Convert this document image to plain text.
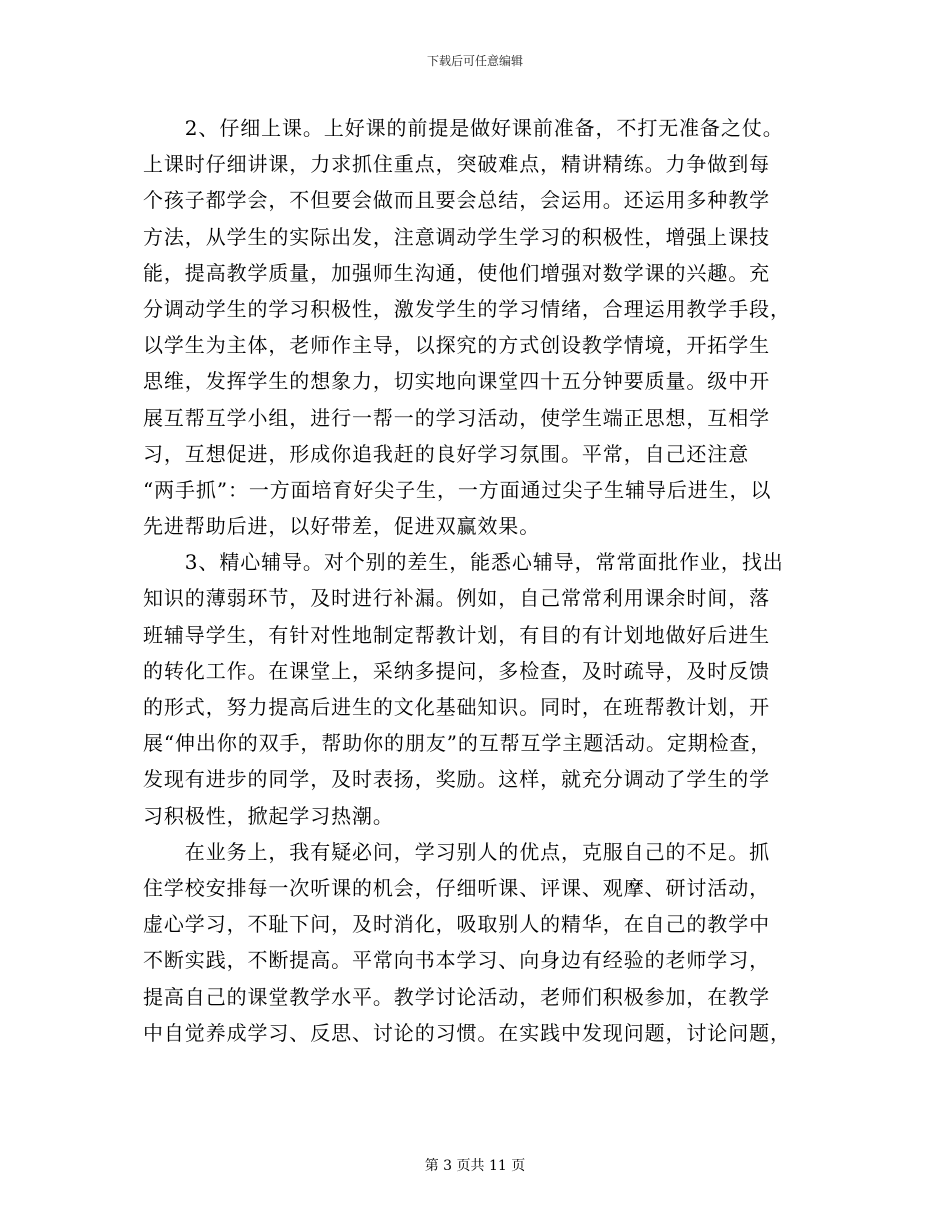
下载后可任意编辑
　　2、仔细上课。上好课的前提是做好课前准备，不打无准备之仗。
上课时仔细讲课，力求抓住重点，突破难点，精讲精练。力争做到每
个孩子都学会，不但要会做而且要会总结，会运用。还运用多种教学
方法，从学生的实际出发，注意调动学生学习的积极性，增强上课技
能，提高教学质量，加强师生沟通，使他们增强对数学课的兴趣。充
分调动学生的学习积极性，激发学生的学习情绪，合理运用教学手段，
以学生为主体，老师作主导，以探究的方式创设教学情境，开拓学生
思维，发挥学生的想象力，切实地向课堂四十五分钟要质量。级中开
展互帮互学小组，进行一帮一的学习活动，使学生端正思想，互相学
习，互想促进，形成你追我赶的良好学习氛围。平常，自己还注意
“两手抓”：一方面培育好尖子生，一方面通过尖子生辅导后进生，以
先进帮助后进，以好带差，促进双赢效果。
　　3、精心辅导。对个别的差生，能悉心辅导，常常面批作业，找出
知识的薄弱环节，及时进行补漏。例如，自己常常利用课余时间，落
班辅导学生，有针对性地制定帮教计划，有目的有计划地做好后进生
的转化工作。在课堂上，采纳多提问，多检查，及时疏导，及时反馈
的形式，努力提高后进生的文化基础知识。同时，在班帮教计划，开
展“伸出你的双手，帮助你的朋友”的互帮互学主题活动。定期检查，
发现有进步的同学，及时表扬，奖励。这样，就充分调动了学生的学
习积极性，掀起学习热潮。
　　在业务上，我有疑必问，学习别人的优点，克服自己的不足。抓
住学校安排每一次听课的机会，仔细听课、评课、观摩、研讨活动，
虚心学习，不耻下问，及时消化，吸取别人的精华，在自己的教学中
不断实践，不断提高。平常向书本学习、向身边有经验的老师学习，
提高自己的课堂教学水平。教学讨论活动，老师们积极参加，在教学
中自觉养成学习、反思、讨论的习惯。在实践中发现问题，讨论问题，
第 3 页共 11 页
